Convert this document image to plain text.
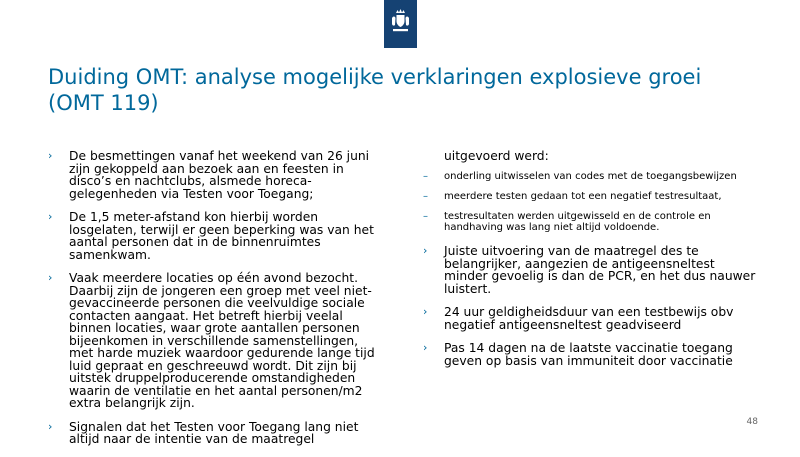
Duiding OMT: analyse mogelijke verklaringen explosieve groei (OMT 119)
› De besmettingen vanaf het weekend van 26 juni zijn gekoppeld aan bezoek aan en feesten in disco’s en nachtclubs, alsmede horeca-gelegenheden via Testen voor Toegang;
› De 1,5 meter-afstand kon hierbij worden losgelaten, terwijl er geen beperking was van het aantal personen dat in de binnenruimtes samenkwam.
› Vaak meerdere locaties op één avond bezocht. Daarbij zijn de jongeren een groep met veel niet-gevaccineerde personen die veelvuldige sociale contacten aangaat. Het betreft hierbij veelal binnen locaties, waar grote aantallen personen bijeenkomen in verschillende samenstellingen, met harde muziek waardoor gedurende lange tijd luid gepraat en geschreeuwd wordt. Dit zijn bij uitstek druppelproducerende omstandigheden waarin de ventilatie en het aantal personen/m2 extra belangrijk zijn.
› Signalen dat het Testen voor Toegang lang niet altijd naar de intentie van de maatregel
uitgevoerd werd:
– onderling uitwisselen van codes met de toegangsbewijzen
– meerdere testen gedaan tot een negatief testresultaat,
– testresultaten werden uitgewisseld en de controle en handhaving was lang niet altijd voldoende.
› Juiste uitvoering van de maatregel des te belangrijker, aangezien de antigeensneltest minder gevoelig is dan de PCR, en het dus nauwer luistert.
› 24 uur geldigheidsduur van een testbewijs obv negatief antigeensneltest geadviseerd
› Pas 14 dagen na de laatste vaccinatie toegang geven op basis van immuniteit door vaccinatie
48
